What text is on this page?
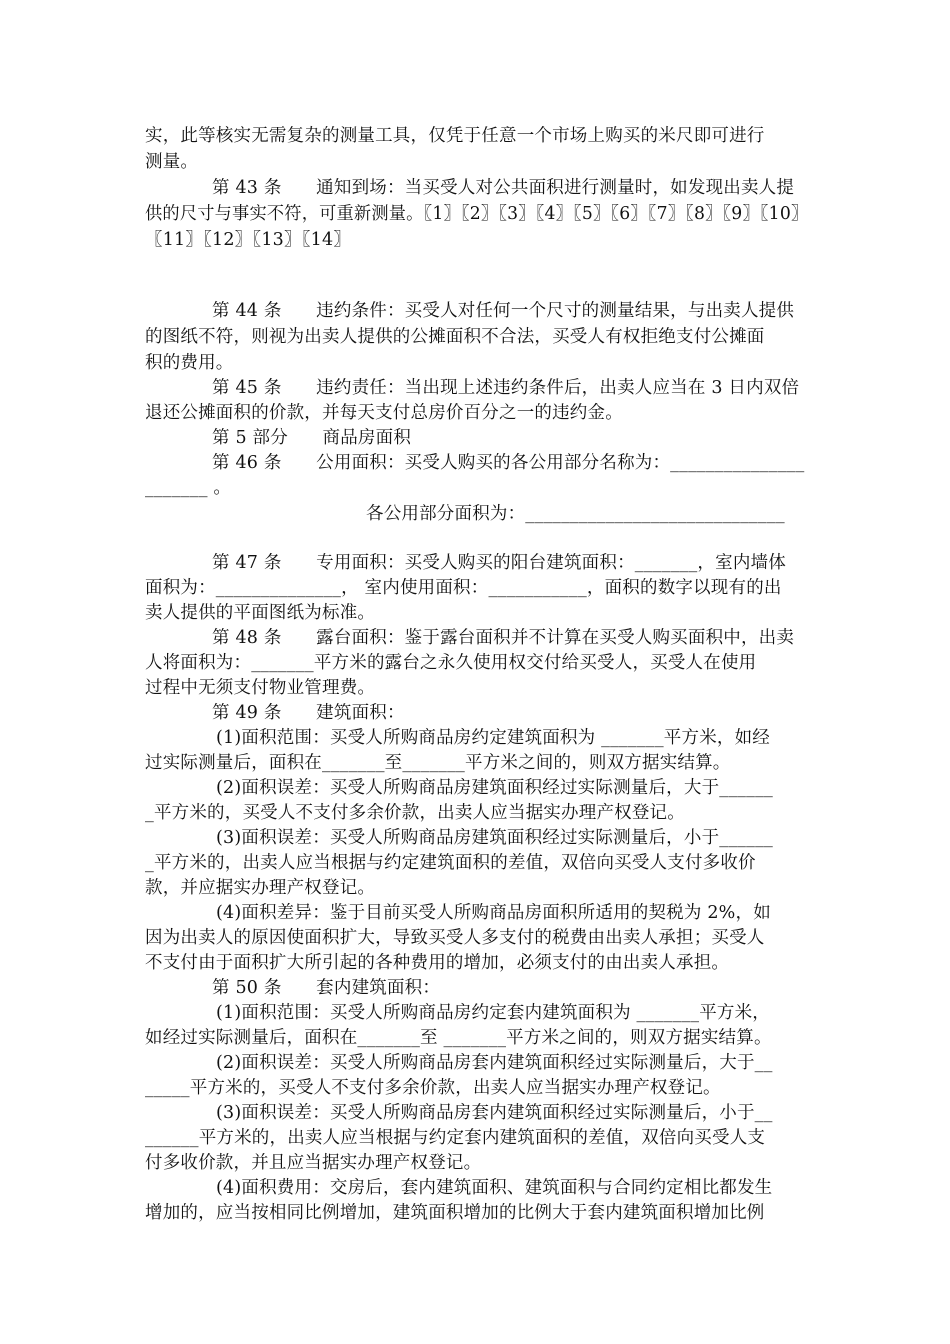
实，此等核实无需复杂的测量工具，仅凭于任意一个市场上购买的米尺即可进行
测量。
第 43 条      通知到场：当买受人对公共面积进行测量时，如发现出卖人提
供的尺寸与事实不符，可重新测量。〖1〗〖2〗〖3〗〖4〗〖5〗〖6〗〖7〗〖8〗〖9〗〖10〗
〖11〗〖12〗〖13〗〖14〗
第 44 条      违约条件：买受人对任何一个尺寸的测量结果，与出卖人提供
的图纸不符，则视为出卖人提供的公摊面积不合法，买受人有权拒绝支付公摊面
积的费用。
第 45 条      违约责任：当出现上述违约条件后，出卖人应当在 3 日内双倍
退还公摊面积的价款，并每天支付总房价百分之一的违约金。
第 5 部分      商品房面积
第 46 条      公用面积：买受人购买的各公用部分名称为：_______________
_______ 。
各公用部分面积为：_____________________________
第 47 条      专用面积：买受人购买的阳台建筑面积：_______，室内墙体
面积为：______________， 室内使用面积：___________，面积的数字以现有的出
卖人提供的平面图纸为标准。
第 48 条      露台面积：鉴于露台面积并不计算在买受人购买面积中，出卖
人将面积为：_______平方米的露台之永久使用权交付给买受人，买受人在使用
过程中无须支付物业管理费。
第 49 条      建筑面积：
(1)面积范围：买受人所购商品房约定建筑面积为 _______平方米，如经
过实际测量后，面积在_______至_______平方米之间的，则双方据实结算。
(2)面积误差：买受人所购商品房建筑面积经过实际测量后，大于______
_平方米的，买受人不支付多余价款，出卖人应当据实办理产权登记。
(3)面积误差：买受人所购商品房建筑面积经过实际测量后，小于______
_平方米的，出卖人应当根据与约定建筑面积的差值，双倍向买受人支付多收价
款，并应据实办理产权登记。
(4)面积差异：鉴于目前买受人所购商品房面积所适用的契税为 2%，如
因为出卖人的原因使面积扩大，导致买受人多支付的税费由出卖人承担；买受人
不支付由于面积扩大所引起的各种费用的增加，必须支付的由出卖人承担。
第 50 条      套内建筑面积：
(1)面积范围：买受人所购商品房约定套内建筑面积为 _______平方米，
如经过实际测量后，面积在_______至 _______平方米之间的，则双方据实结算。
(2)面积误差：买受人所购商品房套内建筑面积经过实际测量后，大于__
_____平方米的，买受人不支付多余价款，出卖人应当据实办理产权登记。
(3)面积误差：买受人所购商品房套内建筑面积经过实际测量后，小于__
______平方米的，出卖人应当根据与约定套内建筑面积的差值，双倍向买受人支
付多收价款，并且应当据实办理产权登记。
(4)面积费用：交房后，套内建筑面积、建筑面积与合同约定相比都发生
增加的，应当按相同比例增加，建筑面积增加的比例大于套内建筑面积增加比例
